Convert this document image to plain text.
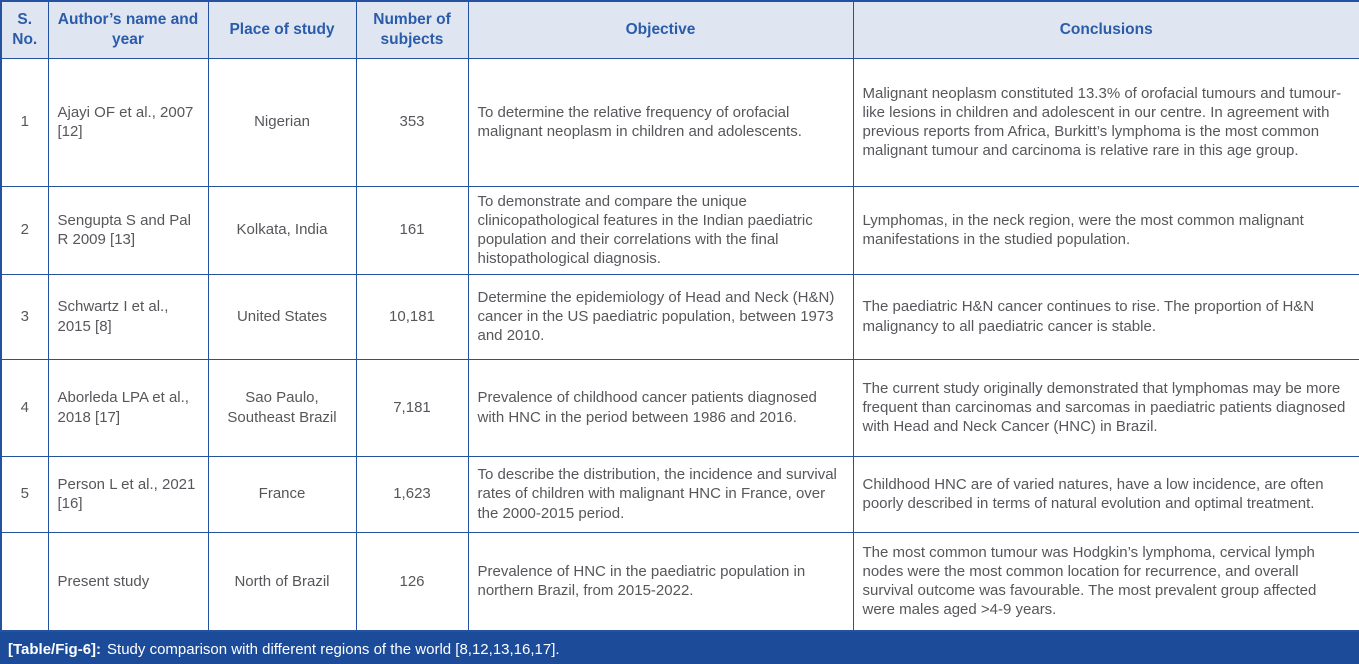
S. No.	Author’s name and year	Place of study	Number of subjects	Objective	Conclusions
1	Ajayi OF et al., 2007 [12]	Nigerian	353	To determine the relative frequency of orofacial malignant neoplasm in children and adolescents.	Malignant neoplasm constituted 13.3% of orofacial tumours and tumour-like lesions in children and adolescent in our centre. In agreement with previous reports from Africa, Burkitt’s lymphoma is the most common malignant tumour and carcinoma is relative rare in this age group.
2	Sengupta S and Pal R 2009 [13]	Kolkata, India	161	To demonstrate and compare the unique clinicopathological features in the Indian paediatric population and their correlations with the final histopathological diagnosis.	Lymphomas, in the neck region, were the most common malignant manifestations in the studied population.
3	Schwartz I et al., 2015 [8]	United States	10,181	Determine the epidemiology of Head and Neck (H&N) cancer in the US paediatric population, between 1973 and 2010.	The paediatric H&N cancer continues to rise. The proportion of H&N malignancy to all paediatric cancer is stable.
4	Aborleda LPA et al., 2018 [17]	Sao Paulo, Southeast Brazil	7,181	Prevalence of childhood cancer patients diagnosed with HNC in the period between 1986 and 2016.	The current study originally demonstrated that lymphomas may be more frequent than carcinomas and sarcomas in paediatric patients diagnosed with Head and Neck Cancer (HNC) in Brazil.
5	Person L et al., 2021 [16]	France	1,623	To describe the distribution, the incidence and survival rates of children with malignant HNC in France, over the 2000-2015 period.	Childhood HNC are of varied natures, have a low incidence, are often poorly described in terms of natural evolution and optimal treatment.
	Present study	North of Brazil	126	Prevalence of HNC in the paediatric population in northern Brazil, from 2015-2022.	The most common tumour was Hodgkin’s lymphoma, cervical lymph nodes were the most common location for recurrence, and overall survival outcome was favourable. The most prevalent group affected were males aged >4-9 years.
[Table/Fig-6]: Study comparison with different regions of the world [8,12,13,16,17].
